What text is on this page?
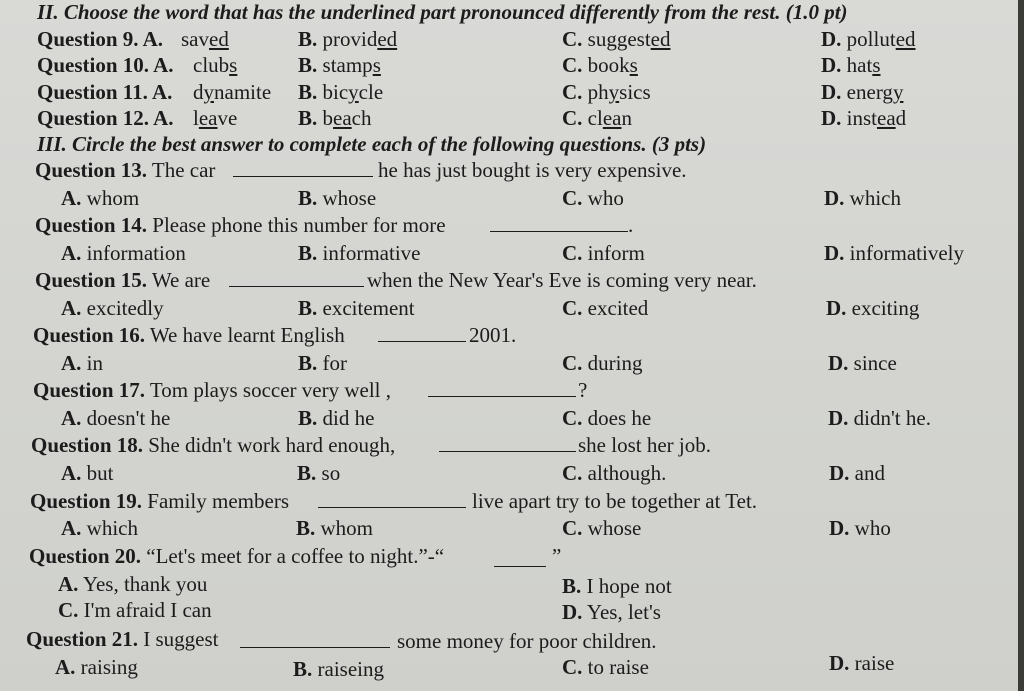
II. Choose the word that has the underlined part pronounced differently from the rest. (1.0 pt)
Question 9. A. saved	B. provided	C. suggested	D. polluted
Question 10. A. clubs	B. stamps	C. books	D. hats
Question 11. A. dynamite B. bicycle	C. physics	D. energy
Question 12. A. leave	B. beach	C. clean	D. instead
III. Circle the best answer to complete each of the following questions. (3 pts)
Question 13. The car	he has just bought is very expensive.
A. whom	B. whose	C. who	D. which
Question 14. Please phone this number for more	.
A. information	B. informative	C. inform	D. informatively
Question 15. We are	when the New Year's Eve is coming very near.
A. excitedly	B. excitement	C. excited	D. exciting
Question 16. We have learnt English	2001.
A. in	B. for	C. during	D. since
Question 17. Tom plays soccer very well ,	?
A. doesn't he	B. did he	C. does he	D. didn't he.
Question 18. She didn't work hard enough,	she lost her job.
A. but	B. so	C. although.	D. and
Question 19. Family members	live apart try to be together at Tet.
A. which	B. whom	C. whose	D. who
Question 20. “Let's meet for a coffee to night.”-“	”
A. Yes, thank you	B. I hope not
C. I'm afraid I can	D. Yes, let's
Question 21. I suggest	some money for poor children.
A. raising	B. raiseing	C. to raise	D. raise
